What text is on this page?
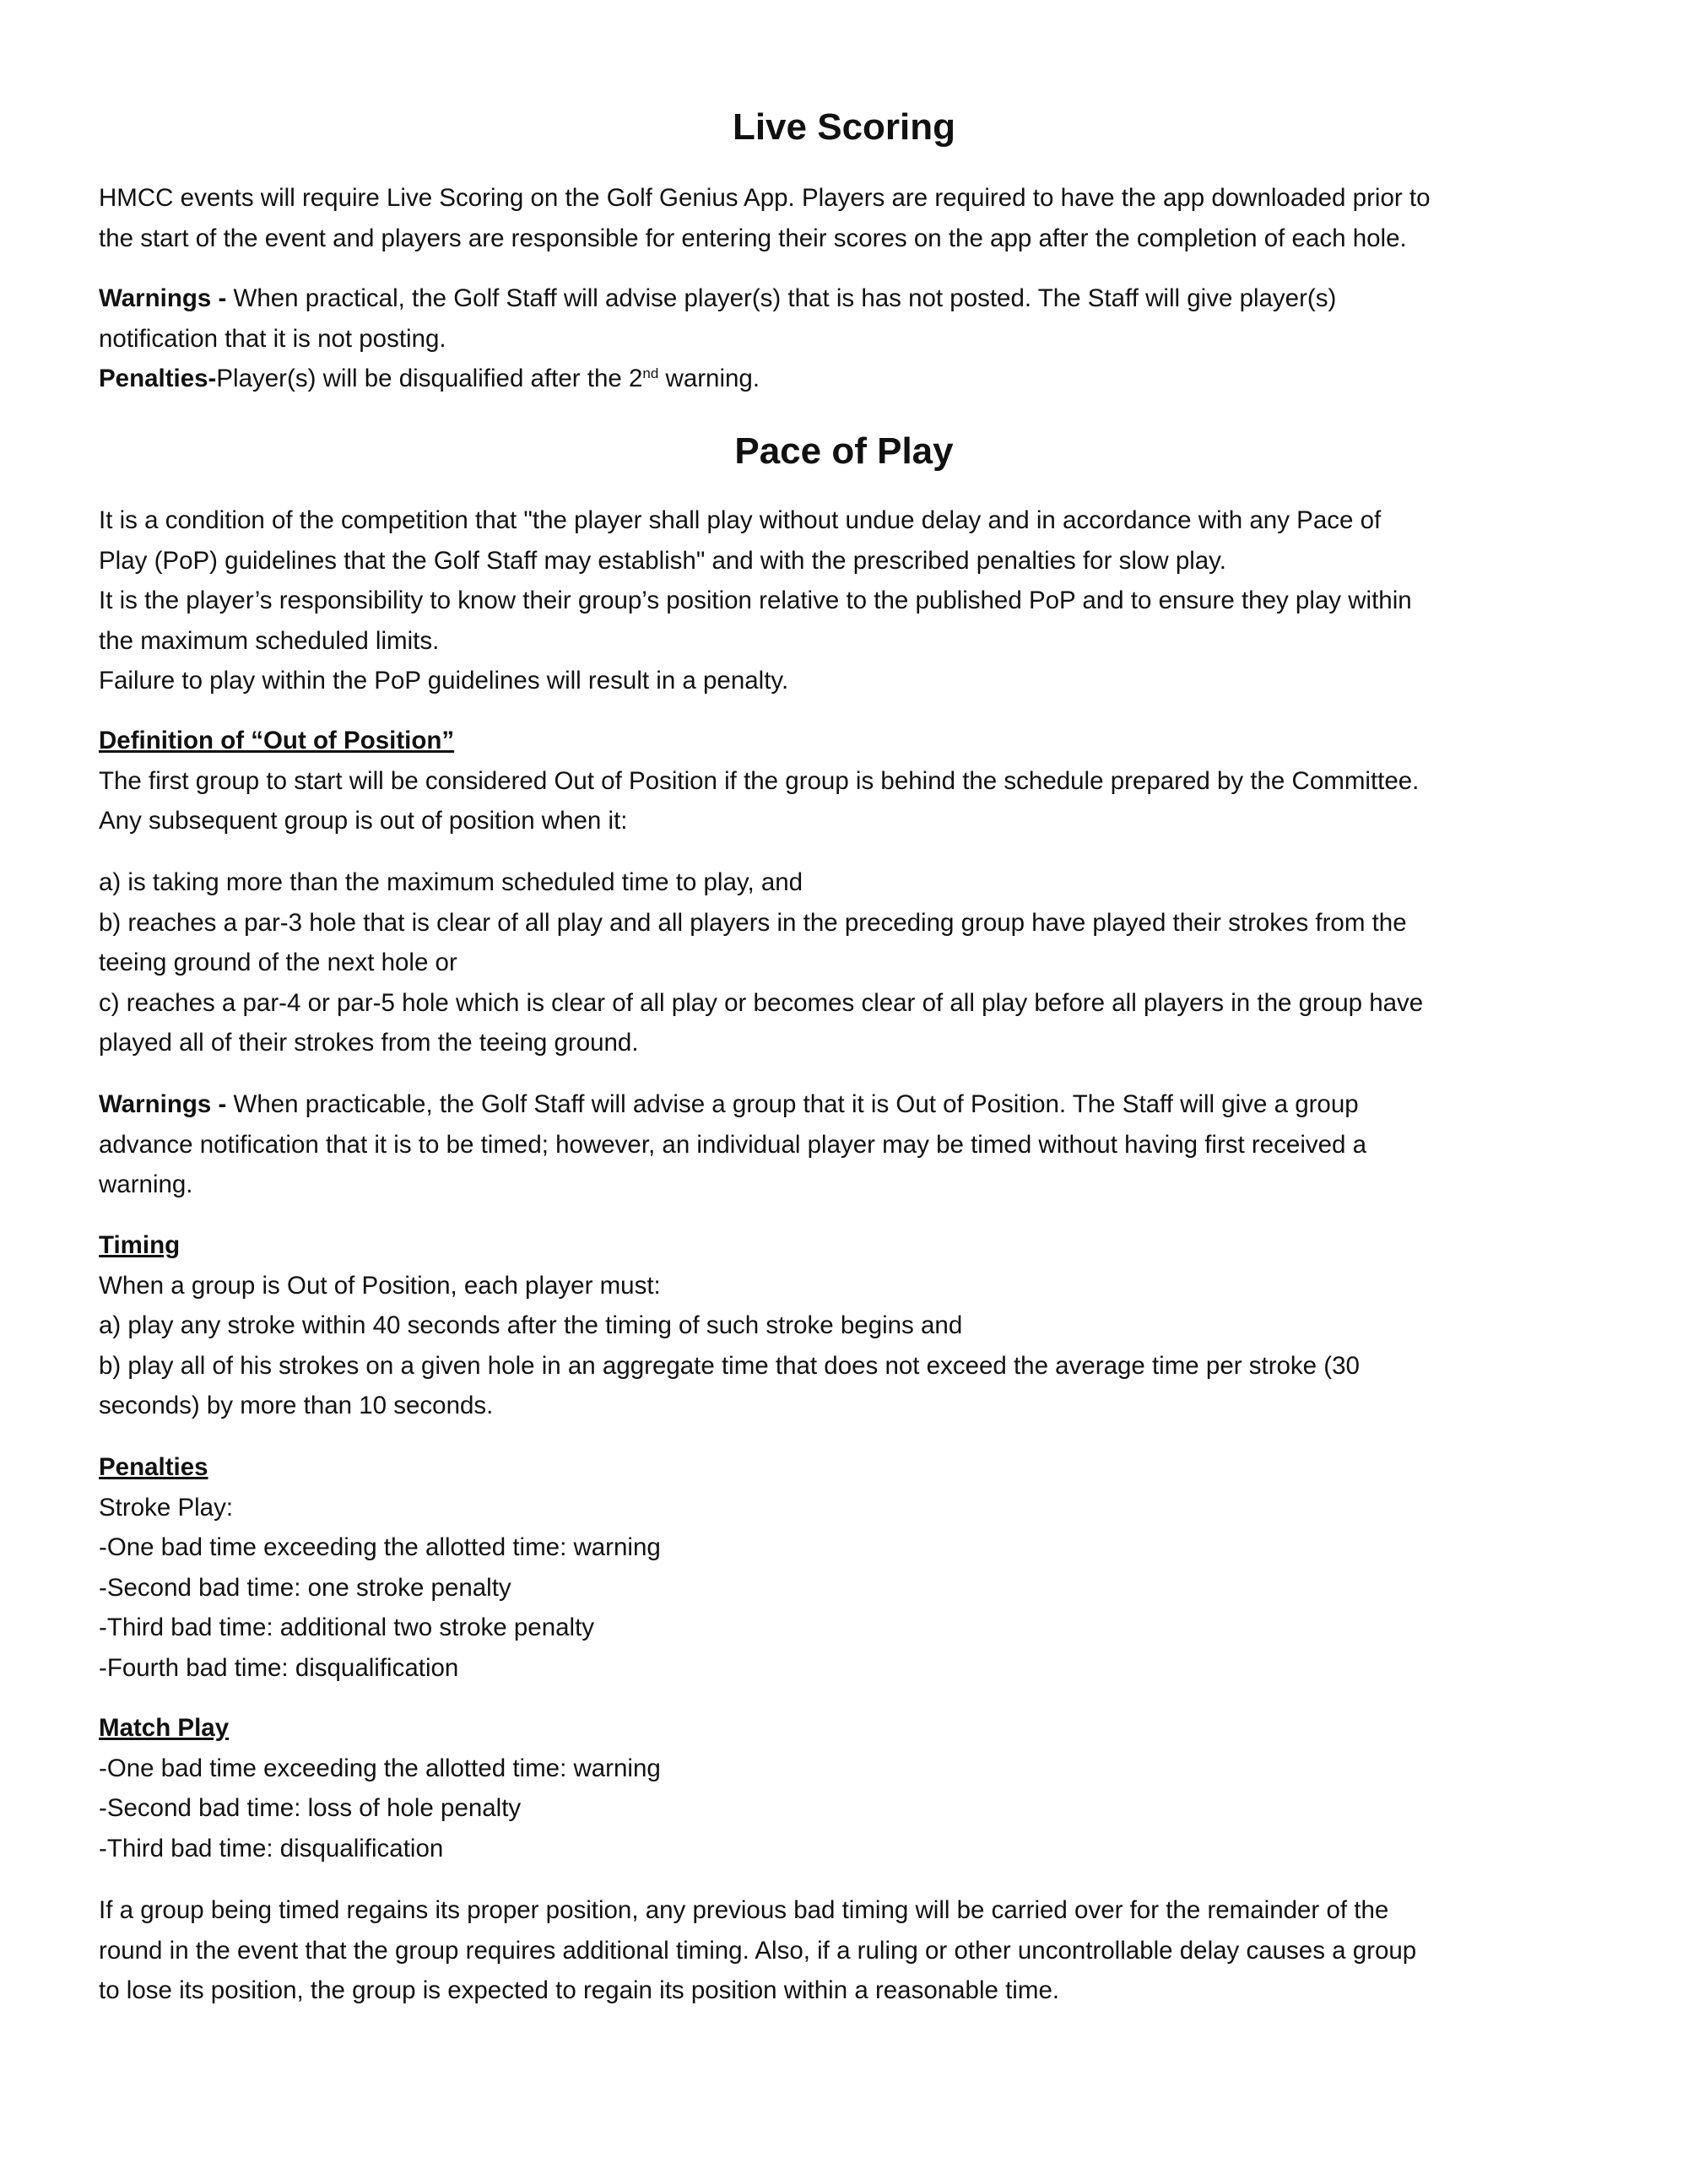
Live Scoring
HMCC events will require Live Scoring on the Golf Genius App. Players are required to have the app downloaded prior to
the start of the event and players are responsible for entering their scores on the app after the completion of each hole.
Warnings - When practical, the Golf Staff will advise player(s) that is has not posted. The Staff will give player(s)
notification that it is not posting.
Penalties-Player(s) will be disqualified after the 2nd warning.
Pace of Play
It is a condition of the competition that "the player shall play without undue delay and in accordance with any Pace of
Play (PoP) guidelines that the Golf Staff may establish" and with the prescribed penalties for slow play.
It is the player’s responsibility to know their group’s position relative to the published PoP and to ensure they play within
the maximum scheduled limits.
Failure to play within the PoP guidelines will result in a penalty.
Definition of “Out of Position”
The first group to start will be considered Out of Position if the group is behind the schedule prepared by the Committee.
Any subsequent group is out of position when it:
a) is taking more than the maximum scheduled time to play, and
b) reaches a par-3 hole that is clear of all play and all players in the preceding group have played their strokes from the
teeing ground of the next hole or
c) reaches a par-4 or par-5 hole which is clear of all play or becomes clear of all play before all players in the group have
played all of their strokes from the teeing ground.
Warnings - When practicable, the Golf Staff will advise a group that it is Out of Position. The Staff will give a group
advance notification that it is to be timed; however, an individual player may be timed without having first received a
warning.
Timing
When a group is Out of Position, each player must:
a) play any stroke within 40 seconds after the timing of such stroke begins and
b) play all of his strokes on a given hole in an aggregate time that does not exceed the average time per stroke (30
seconds) by more than 10 seconds.
Penalties
Stroke Play:
-One bad time exceeding the allotted time: warning
-Second bad time: one stroke penalty
-Third bad time: additional two stroke penalty
-Fourth bad time: disqualification
Match Play
-One bad time exceeding the allotted time: warning
-Second bad time: loss of hole penalty
-Third bad time: disqualification
If a group being timed regains its proper position, any previous bad timing will be carried over for the remainder of the
round in the event that the group requires additional timing. Also, if a ruling or other uncontrollable delay causes a group
to lose its position, the group is expected to regain its position within a reasonable time.
